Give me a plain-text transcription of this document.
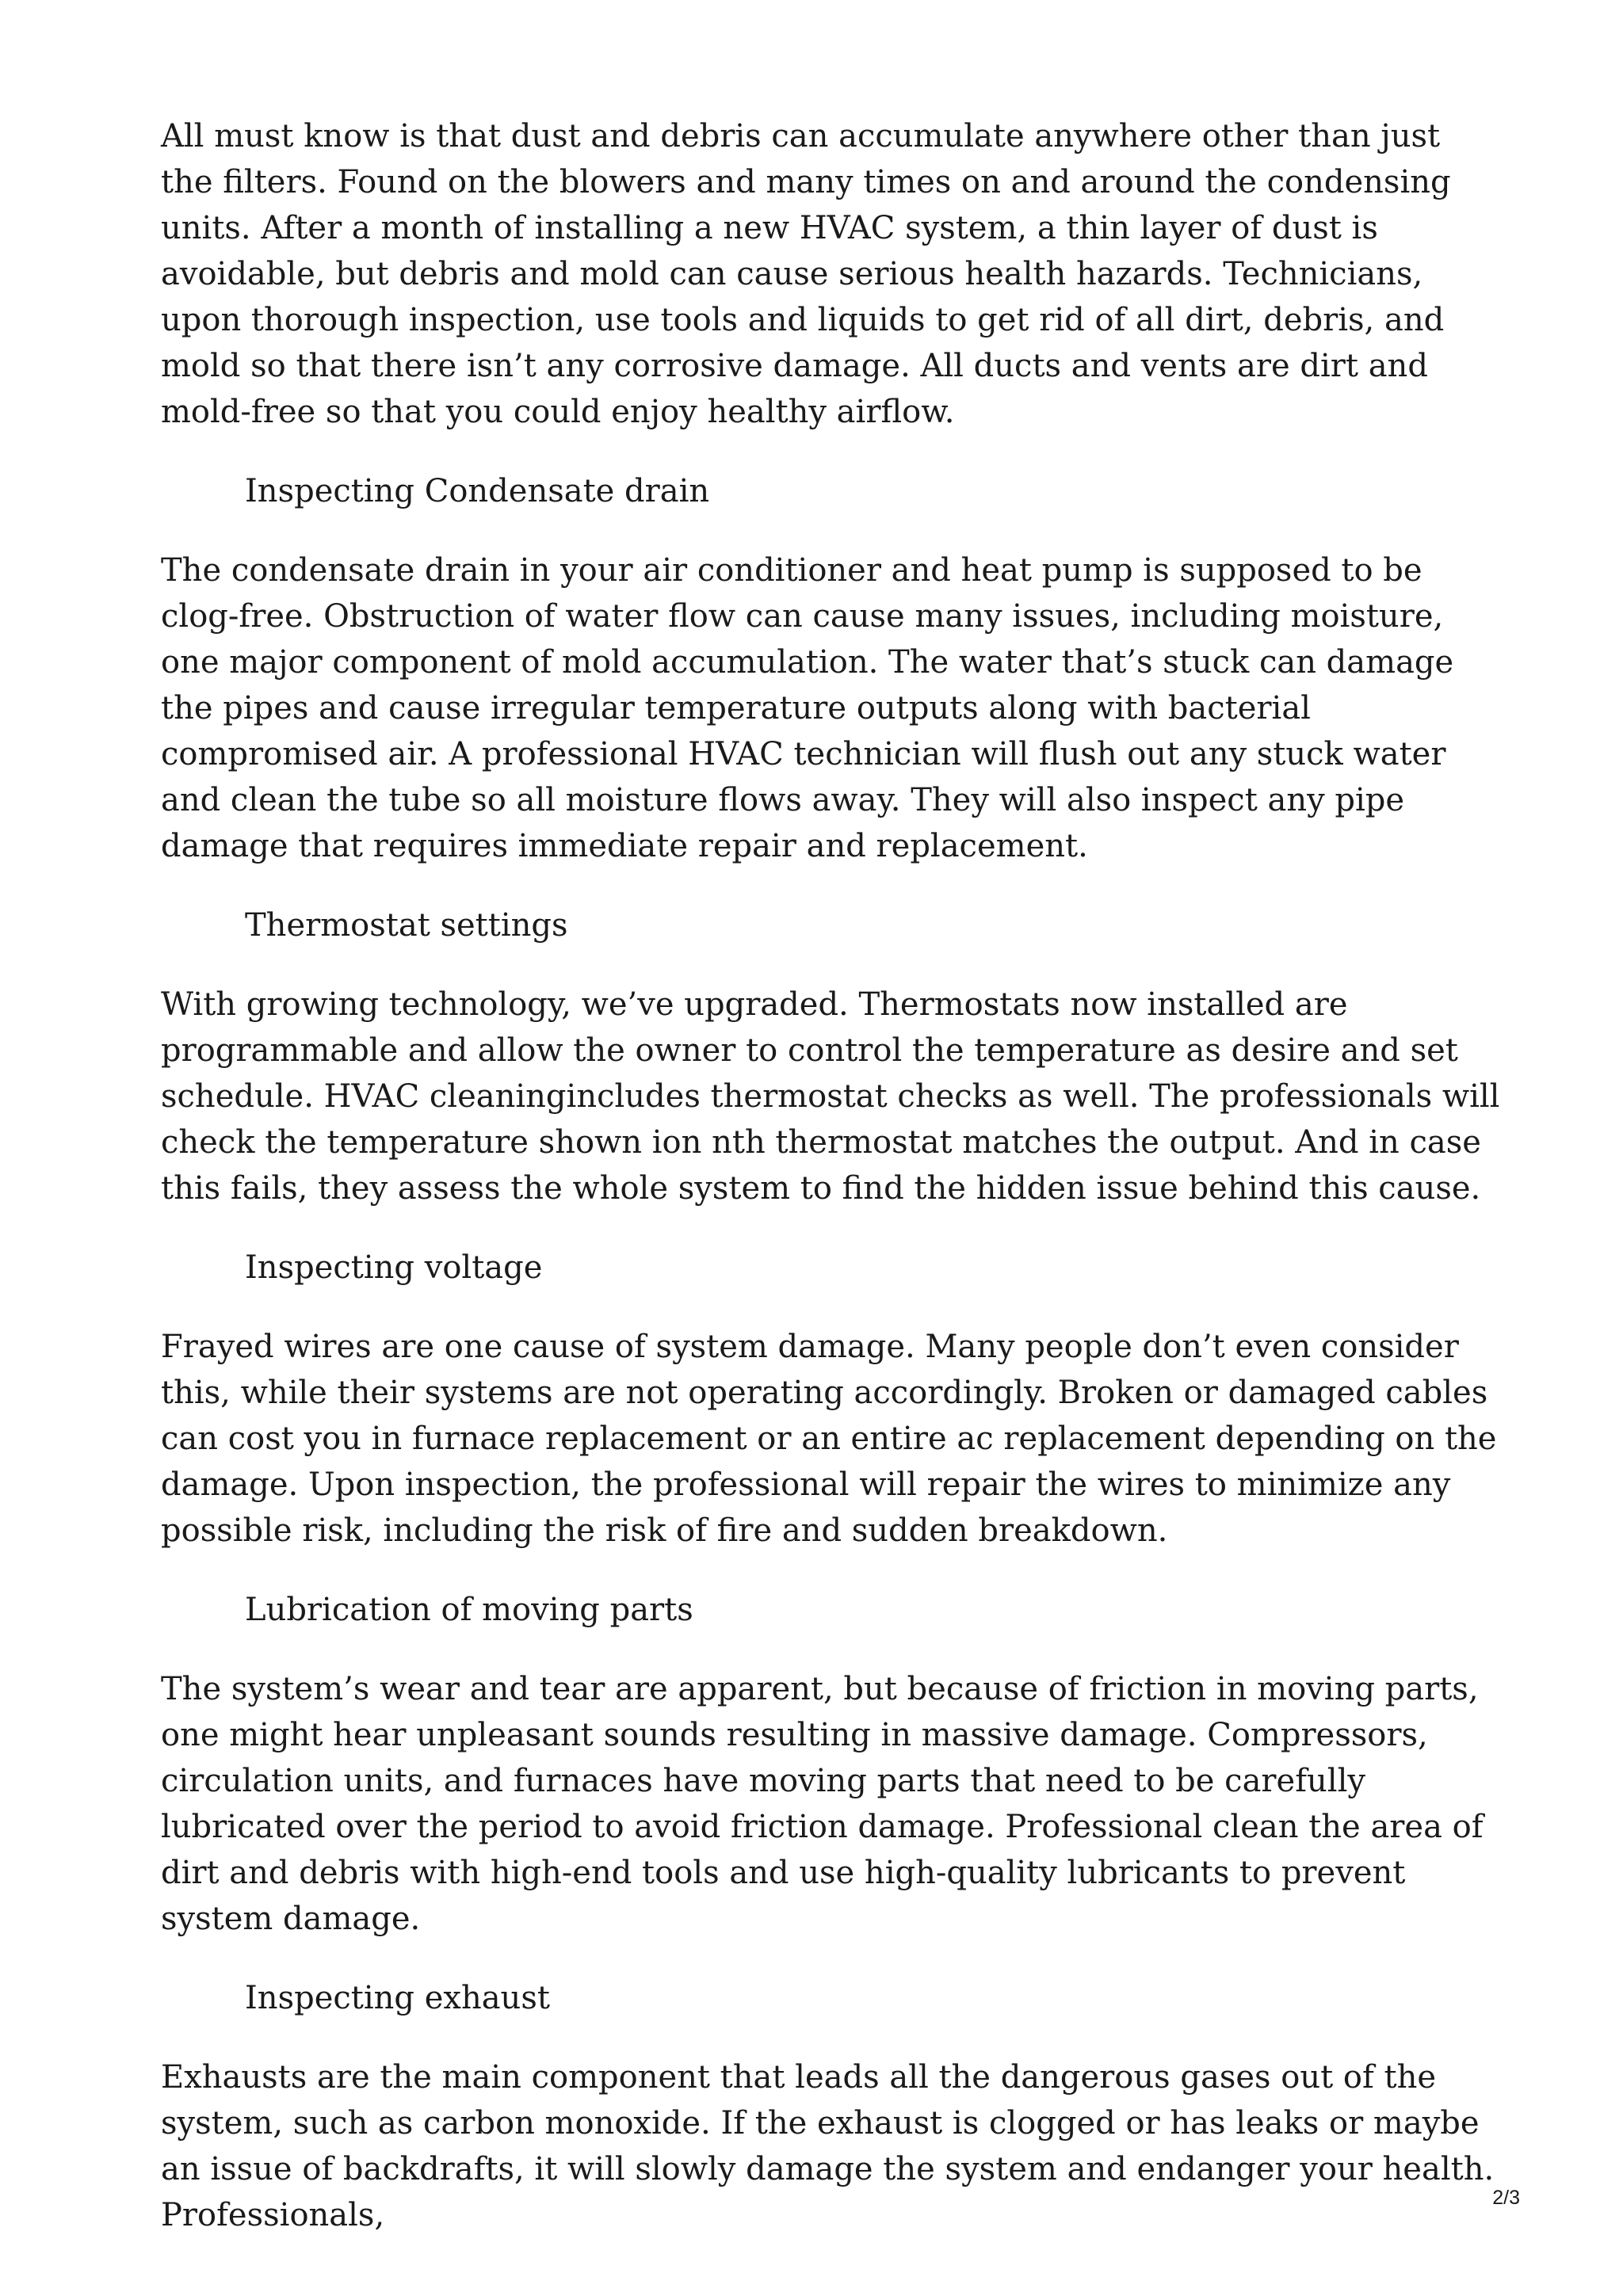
All must know is that dust and debris can accumulate anywhere other than just the filters. Found on the blowers and many times on and around the condensing units. After a month of installing a new HVAC system, a thin layer of dust is avoidable, but debris and mold can cause serious health hazards. Technicians, upon thorough inspection, use tools and liquids to get rid of all dirt, debris, and mold so that there isn’t any corrosive damage. All ducts and vents are dirt and mold-free so that you could enjoy healthy airflow.

Inspecting Condensate drain

The condensate drain in your air conditioner and heat pump is supposed to be clog-free. Obstruction of water flow can cause many issues, including moisture, one major component of mold accumulation. The water that’s stuck can damage the pipes and cause irregular temperature outputs along with bacterial compromised air. A professional HVAC technician will flush out any stuck water and clean the tube so all moisture flows away. They will also inspect any pipe damage that requires immediate repair and replacement.

Thermostat settings

With growing technology, we’ve upgraded. Thermostats now installed are programmable and allow the owner to control the temperature as desire and set schedule. HVAC cleaningincludes thermostat checks as well. The professionals will check the temperature shown ion nth thermostat matches the output. And in case this fails, they assess the whole system to find the hidden issue behind this cause.

Inspecting voltage

Frayed wires are one cause of system damage. Many people don’t even consider this, while their systems are not operating accordingly. Broken or damaged cables can cost you in furnace replacement or an entire ac replacement depending on the damage. Upon inspection, the professional will repair the wires to minimize any possible risk, including the risk of fire and sudden breakdown.

Lubrication of moving parts

The system’s wear and tear are apparent, but because of friction in moving parts, one might hear unpleasant sounds resulting in massive damage. Compressors, circulation units, and furnaces have moving parts that need to be carefully lubricated over the period to avoid friction damage. Professional clean the area of dirt and debris with high-end tools and use high-quality lubricants to prevent system damage.

Inspecting exhaust

Exhausts are the main component that leads all the dangerous gases out of the system, such as carbon monoxide. If the exhaust is clogged or has leaks or maybe an issue of backdrafts, it will slowly damage the system and endanger your health. Professionals,	2/3
